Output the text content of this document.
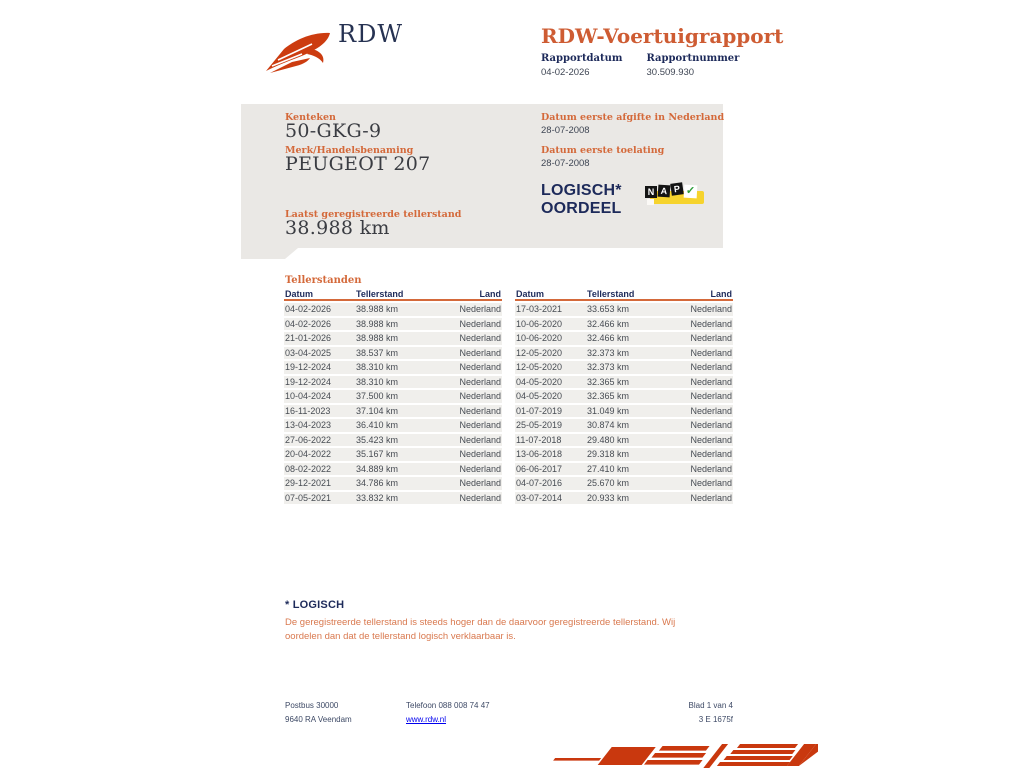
RDW	RDW-Voertuigrapport
Rapportdatum
04-02-2026
Rapportnummer
30.509.930
Kenteken
50-GKG-9
Merk/Handelsbenaming
PEUGEOT 207
Laatst geregistreerde tellerstand
38.988 km
Datum eerste afgifte in Nederland
28-07-2008
Datum eerste toelating
28-07-2008
LOGISCH*
OORDEEL
N A P ✓
Tellerstanden
Datum	Tellerstand	Land
04-02-2026	38.988 km	Nederland
04-02-2026	38.988 km	Nederland
21-01-2026	38.988 km	Nederland
03-04-2025	38.537 km	Nederland
19-12-2024	38.310 km	Nederland
19-12-2024	38.310 km	Nederland
10-04-2024	37.500 km	Nederland
16-11-2023	37.104 km	Nederland
13-04-2023	36.410 km	Nederland
27-06-2022	35.423 km	Nederland
20-04-2022	35.167 km	Nederland
08-02-2022	34.889 km	Nederland
29-12-2021	34.786 km	Nederland
07-05-2021	33.832 km	Nederland
Datum	Tellerstand	Land
17-03-2021	33.653 km	Nederland
10-06-2020	32.466 km	Nederland
10-06-2020	32.466 km	Nederland
12-05-2020	32.373 km	Nederland
12-05-2020	32.373 km	Nederland
04-05-2020	32.365 km	Nederland
04-05-2020	32.365 km	Nederland
01-07-2019	31.049 km	Nederland
25-05-2019	30.874 km	Nederland
11-07-2018	29.480 km	Nederland
13-06-2018	29.318 km	Nederland
06-06-2017	27.410 km	Nederland
04-07-2016	25.670 km	Nederland
03-07-2014	20.933 km	Nederland
* LOGISCH

De geregistreerde tellerstand is steeds hoger dan de daarvoor geregistreerde tellerstand. Wij oordelen dan dat de tellerstand logisch verklaarbaar is.

Postbus 30000
9640 RA Veendam
Telefoon 088 008 74 47
www.rdw.nl
Blad 1 van 4
3 E 1675f
